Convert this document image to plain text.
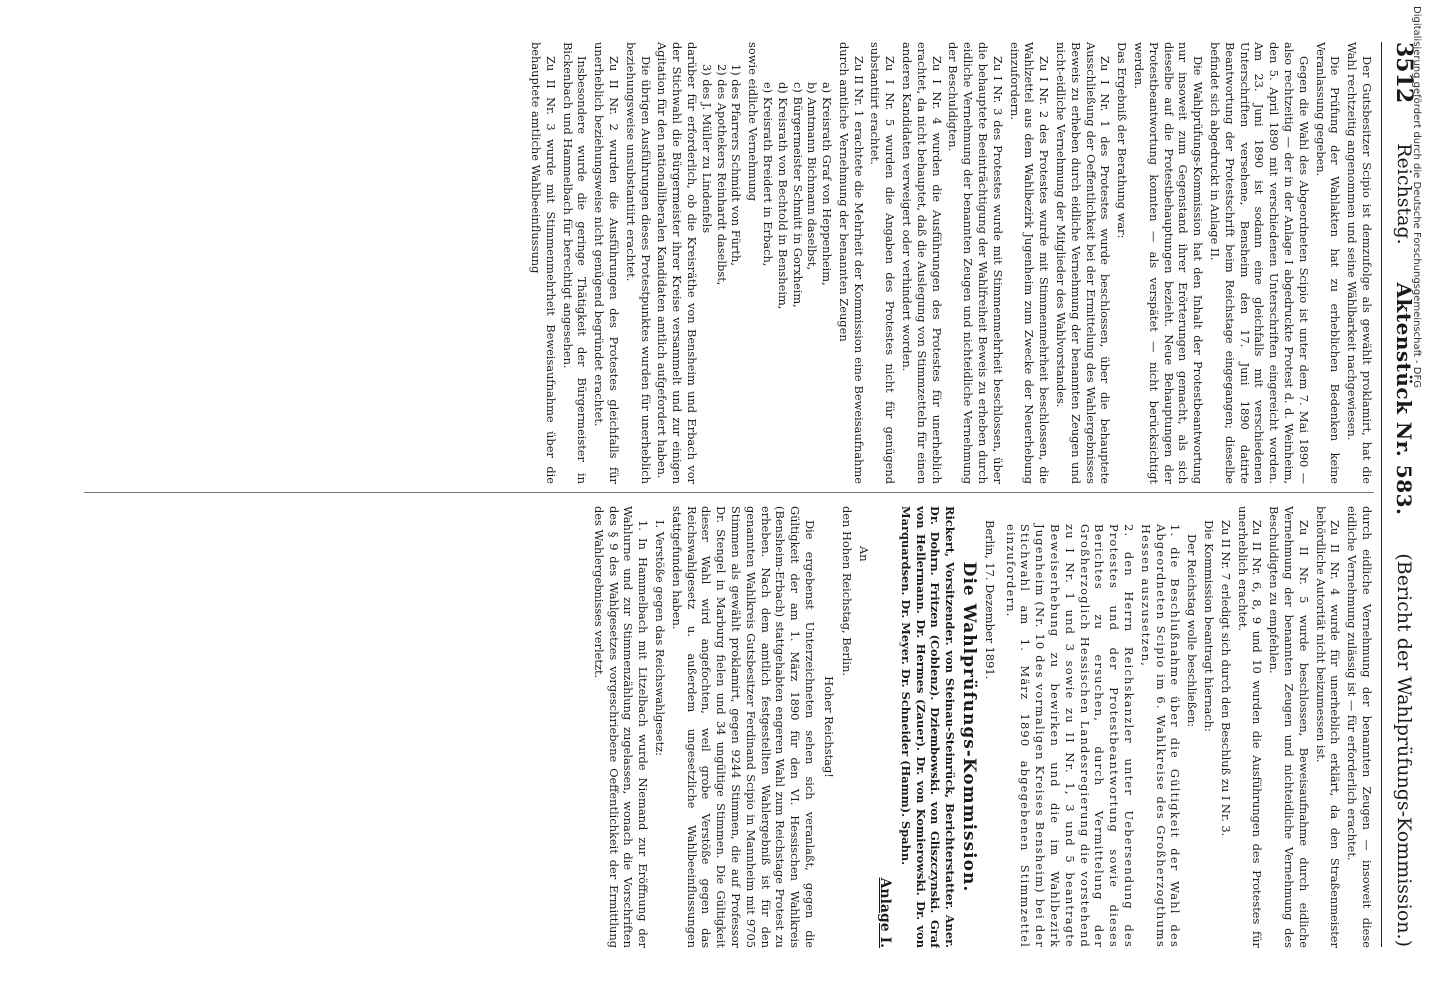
3512
Reichstag.
Aktenstück Nr. 583.
(Bericht der Wahlprüfungs-Kommission.)

Der Gutsbesitzer Scipio ist demzufolge als gewählt proklamirt, hat die Wahl rechtzeitig angenommen und seine Wählbarkeit nachgewiesen.

Die Prüfung der Wahlakten hat zu erheblichen Bedenken keine Veranlassung gegeben.

Gegen die Wahl des Abgeordneten Scipio ist unter dem 7. Mai 1890 — also rechtzeitig — der in der Anlage I abgedruckte Protest d. d. Weinheim, den 5. April 1890 mit verschiedenen Unterschriften eingereicht worden. Am 23. Juni 1890 ist sodann eine gleichfalls mit verschiedenen Unterschriften versehene, Bensheim den 17. Juni 1890 datirte Beantwortung der Protestschrift beim Reichstage eingegangen; dieselbe befindet sich abgedruckt in Anlage II.

Die Wahlprüfungs-Kommission hat den Inhalt der Protestbeantwortung nur insoweit zum Gegenstand ihrer Erörterungen gemacht, als sich dieselbe auf die Protestbehauptungen bezieht. Neue Behauptungen der Protestbeantwortung konnten — als verspätet — nicht berücksichtigt werden.

Das Ergebniß der Berathung war:

Zu I Nr. 1 des Protestes wurde beschlossen, über die behauptete Ausschließung der Oeffentlichkeit bei der Ermittelung des Wahlergebnisses Beweis zu erheben durch eidliche Vernehmung der benannten Zeugen und nicht-eidliche Vernehmung der Mitglieder des Wahlvorstandes.

Zu I Nr. 2 des Protestes wurde mit Stimmenmehrheit beschlossen, die Wahlzettel aus dem Wahlbezirk Jugenheim zum Zwecke der Neuerhebung einzufordern.

Zu I Nr. 3 des Protestes wurde mit Stimmenmehrheit beschlossen, über die behauptete Beeinträchtigung der Wahlfreiheit Beweis zu erheben durch eidliche Vernehmung der benannten Zeugen und nichteidliche Vernehmung der Beschuldigten.

Zu I Nr. 4 wurden die Ausführungen des Protestes für unerheblich erachtet, da nicht behauptet, daß die Auslegung von Stimmzetteln für einen anderen Kandidaten verweigert oder verhindert worden.

Zu I Nr. 5 wurden die Angaben des Protestes nicht für genügend substantiirt erachtet.

Zu II Nr. 1 erachtete die Mehrheit der Kommission eine Beweisaufnahme durch amtliche Vernehmung der benannten Zeugen

a) Kreisrath Graf von Heppenheim,
b) Amtmann Bichmann daselbst,
c) Bürgermeister Schmitt in Gorxheim,
d) Kreisrath von Bechtold in Bensheim,
e) Kreisrath Breidert in Erbach,

sowie eidliche Vernehmung

1) des Pfarrers Schmidt von Fürth,
2) des Apothekers Reinhardt daselbst,
3) des J. Müller zu Lindenfels

darüber für erforderlich, ob die Kreisräthe von Bensheim und Erbach vor der Stichwahl die Bürgermeister ihrer Kreise versammelt und zur einigen Agitation für den nationalliberalen Kandidaten amtlich aufgefordert haben.

Die übrigen Ausführungen dieses Protestpunktes wurden für unerheblich beziehungsweise unsubstantiirt erachtet.

Zu II Nr. 2 wurden die Ausführungen des Protestes gleichfalls für unerheblich beziehungsweise nicht genügend begründet erachtet.

Insbesondere wurde die geringe Thätigkeit der Bürgermeister in Bickenbach und Hammelbach für berechtigt angesehen.

Zu II Nr. 3 wurde mit Stimmenmehrheit Beweisaufnahme über die behauptete amtliche Wahlbeeinflussung

durch eidliche Vernehmung der benannten Zeugen — insoweit diese eidliche Vernehmung zulässig ist — für erforderlich erachtet.

Zu II Nr. 4 wurde für unerheblich erklärt, da den Straßenmeister behördliche Autorität nicht beizumessen ist.

Zu II Nr. 5 wurde beschlossen, Beweisaufnahme durch eidliche Vernehmung der benannten Zeugen und nichteidliche Vernehmung des Beschuldigten zu empfehlen.

Zu II Nr. 6, 8, 9 und 10 wurden die Ausführungen des Protestes für unerheblich erachtet.

Zu II Nr. 7 erledigt sich durch den Beschluß zu I Nr. 3.

Die Kommission beantragt hiernach:

Der Reichstag wolle beschließen:

1. die Beschlußnahme über die Gültigkeit der Wahl des Abgeordneten Scipio im 6. Wahlkreise des Großherzogthums Hessen auszusetzen,

2. den Herrn Reichskanzler unter Uebersendung des Protestes und der Protestbeantwortung sowie dieses Berichtes zu ersuchen, durch Vermittelung der Großherzoglich Hessischen Landesregierung die vorstehend zu I Nr. 1 und 3 sowie zu II Nr. 1, 3 und 5 beantragte Beweiserhebung zu bewirken und die im Wahlbezirk Jugenheim (Nr. 10 des vormaligen Kreises Bensheim) bei der Stichwahl am 1. März 1890 abgegebenen Stimmzettel einzufordern.

Berlin, 17. Dezember 1891.

Die Wahlprüfungs-Kommission.

Rickert, Vorsitzender. von Steinau-Steinrück, Berichterstatter. Aner. Dr. Dohrn. Fritzen (Coblenz). Dziembowski. von Gliszczynski. Graf von Hellermann. Dr. Hermes (Zauer). Dr. von Komierowski. Dr. von Marquardsen. Dr. Meyer. Dr. Schneider (Hamm). Spahn.

Anlage I.

An

den Hohen Reichstag, Berlin.

Hoher Reichstag!

Die ergebenst Unterzeichneten sehen sich veranlaßt, gegen die Gültigkeit der am 1. März 1890 für den VI. Hessischen Wahlkreis (Bensheim-Erbach) stattgehabten engeren Wahl zum Reichstage Protest zu erheben. Nach dem amtlich festgestellten Wahlergebniß ist für den genannten Wahlkreis Gutsbesitzer Ferdinand Scipio in Mannheim mit 9705 Stimmen als gewählt proklamirt, gegen 9244 Stimmen, die auf Professor Dr. Stengel in Marburg fielen und 34 ungültige Stimmen. Die Gültigkeit dieser Wahl wird angefochten, weil grobe Verstöße gegen das Reichswahlgesetz u. außerdem ungesetzliche Wahlbeeinflussungen stattgefunden haben.

I. Verstöße gegen das Reichswahlgesetz:

1. In Hammelbach mit Litzelbach wurde Niemand zur Eröffnung der Wahlurne und zur Stimmenzählung zugelassen, wonach die Vorschriften des § 9 des Wahlgesetzes vorgeschriebene Oeffentlichkeit der Ermittlung des Wahlergebnisses verletzt.

Digitalisierung gefördert durch die Deutsche Forschungsgemeinschaft - DFG
